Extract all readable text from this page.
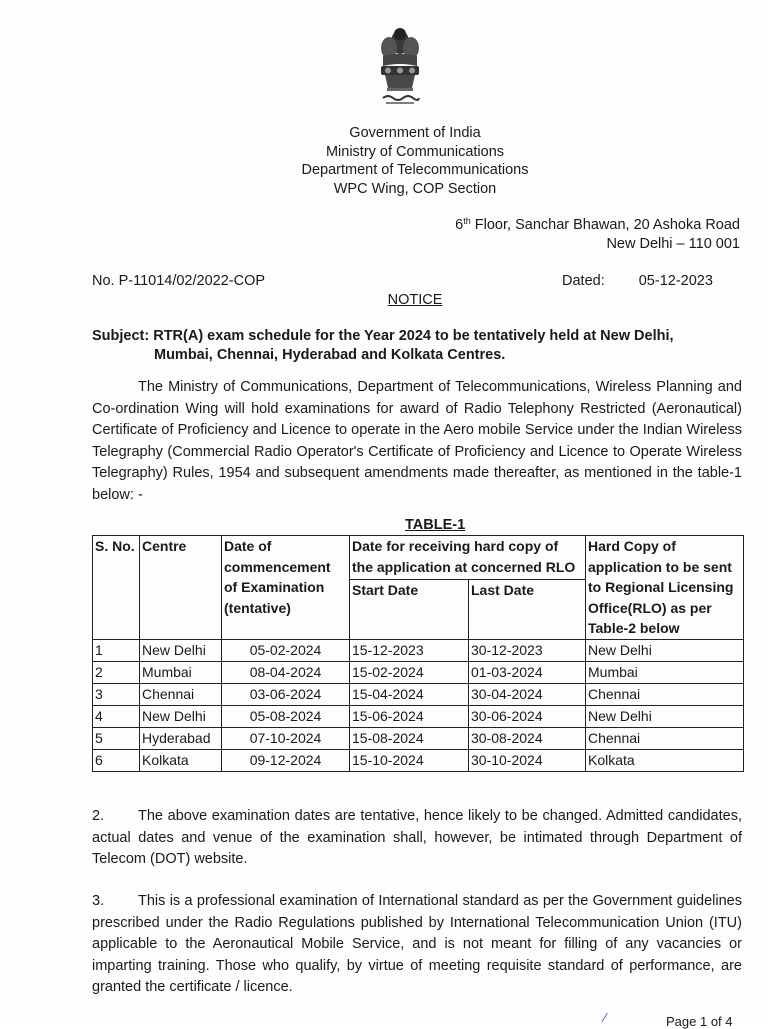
Government of India
Ministry of Communications
Department of Telecommunications
WPC Wing, COP Section
6th Floor, Sanchar Bhawan, 20 Ashoka Road
New Delhi – 110 001
No. P-11014/02/2022-COP	Dated: 05-12-2023
NOTICE
Subject: RTR(A) exam schedule for the Year 2024 to be tentatively held at New Delhi,
Mumbai, Chennai, Hyderabad and Kolkata Centres.
The Ministry of Communications, Department of Telecommunications, Wireless Planning and Co-ordination Wing will hold examinations for award of Radio Telephony Restricted (Aeronautical) Certificate of Proficiency and Licence to operate in the Aero mobile Service under the Indian Wireless Telegraphy (Commercial Radio Operator's Certificate of Proficiency and Licence to Operate Wireless Telegraphy) Rules, 1954 and subsequent amendments made thereafter, as mentioned in the table-1 below: -
TABLE-1
S. No.	Centre	Date of commencement of Examination (tentative)	Date for receiving hard copy of the application at concerned RLO		Hard Copy of application to be sent to Regional Licensing Office(RLO) as per Table-2 below
			Start Date	Last Date	
1	New Delhi	05-02-2024	15-12-2023	30-12-2023	New Delhi
2	Mumbai	08-04-2024	15-02-2024	01-03-2024	Mumbai
3	Chennai	03-06-2024	15-04-2024	30-04-2024	Chennai
4	New Delhi	05-08-2024	15-06-2024	30-06-2024	New Delhi
5	Hyderabad	07-10-2024	15-08-2024	30-08-2024	Chennai
6	Kolkata	09-12-2024	15-10-2024	30-10-2024	Kolkata
2. The above examination dates are tentative, hence likely to be changed. Admitted candidates, actual dates and venue of the examination shall, however, be intimated through Department of Telecom (DOT) website.
3. This is a professional examination of International standard as per the Government guidelines prescribed under the Radio Regulations published by International Telecommunication Union (ITU) applicable to the Aeronautical Mobile Service, and is not meant for filling of any vacancies or imparting training. Those who qualify, by virtue of meeting requisite standard of performance, are granted the certificate / licence.
⁄	Page 1 of 4
